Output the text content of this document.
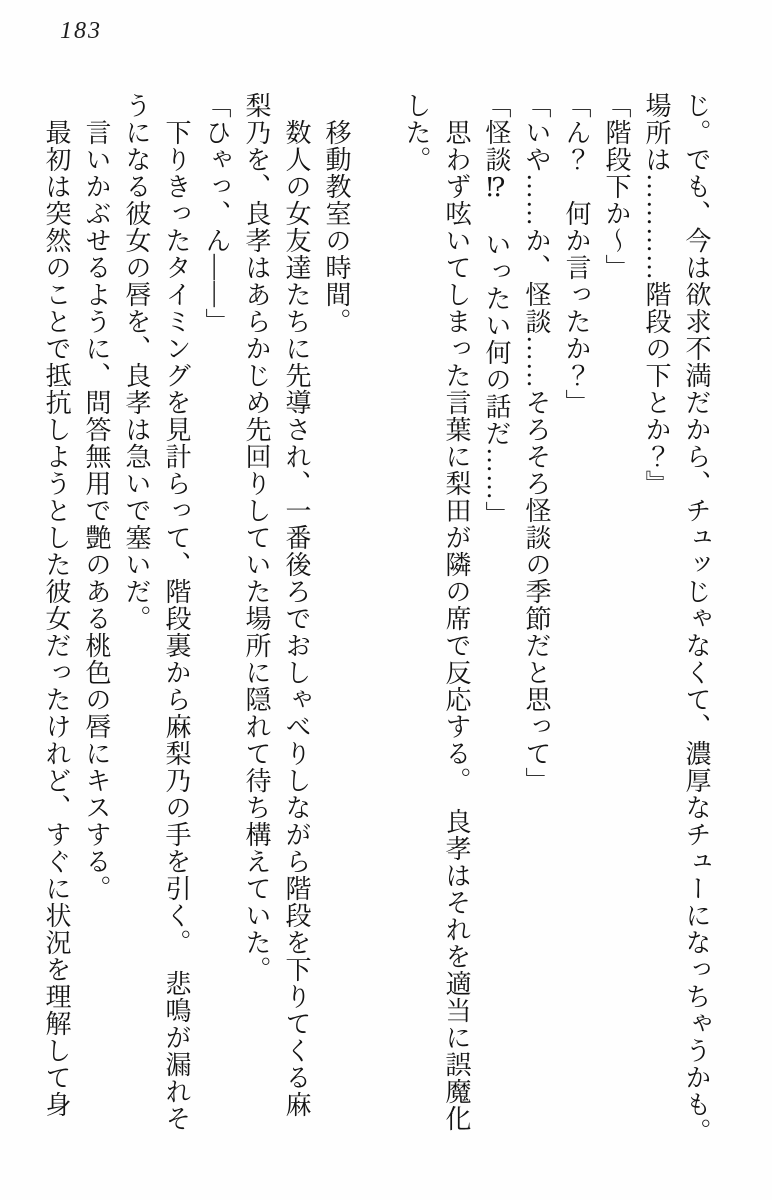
183

じ。でも、今は欲求不満だから、チュッじゃなくて、濃厚なチューになっちゃうかも。

場所は…………階段の下とか？』

「階段下か〜」

「ん？　何か言ったか？」

「いや……か、怪談……そろそろ怪談の季節だと思って」

「怪談⁉　いったい何の話だ……」

　思わず呟いてしまった言葉に梨田が隣の席で反応する。　良孝はそれを適当に誤魔化

した。

　移動教室の時間。

　数人の女友達たちに先導され、一番後ろでおしゃべりしながら階段を下りてくる麻

梨乃を、良孝はあらかじめ先回りしていた場所に隠れて待ち構えていた。

「ひゃっ、ん――」

　下りきったタイミングを見計らって、階段裏から麻梨乃の手を引く。　悲鳴が漏れそ

うになる彼女の唇を、良孝は急いで塞いだ。

　言いかぶせるように、問答無用で艶のある桃色の唇にキスする。

　最初は突然のことで抵抗しようとした彼女だったけれど、すぐに状況を理解して身
